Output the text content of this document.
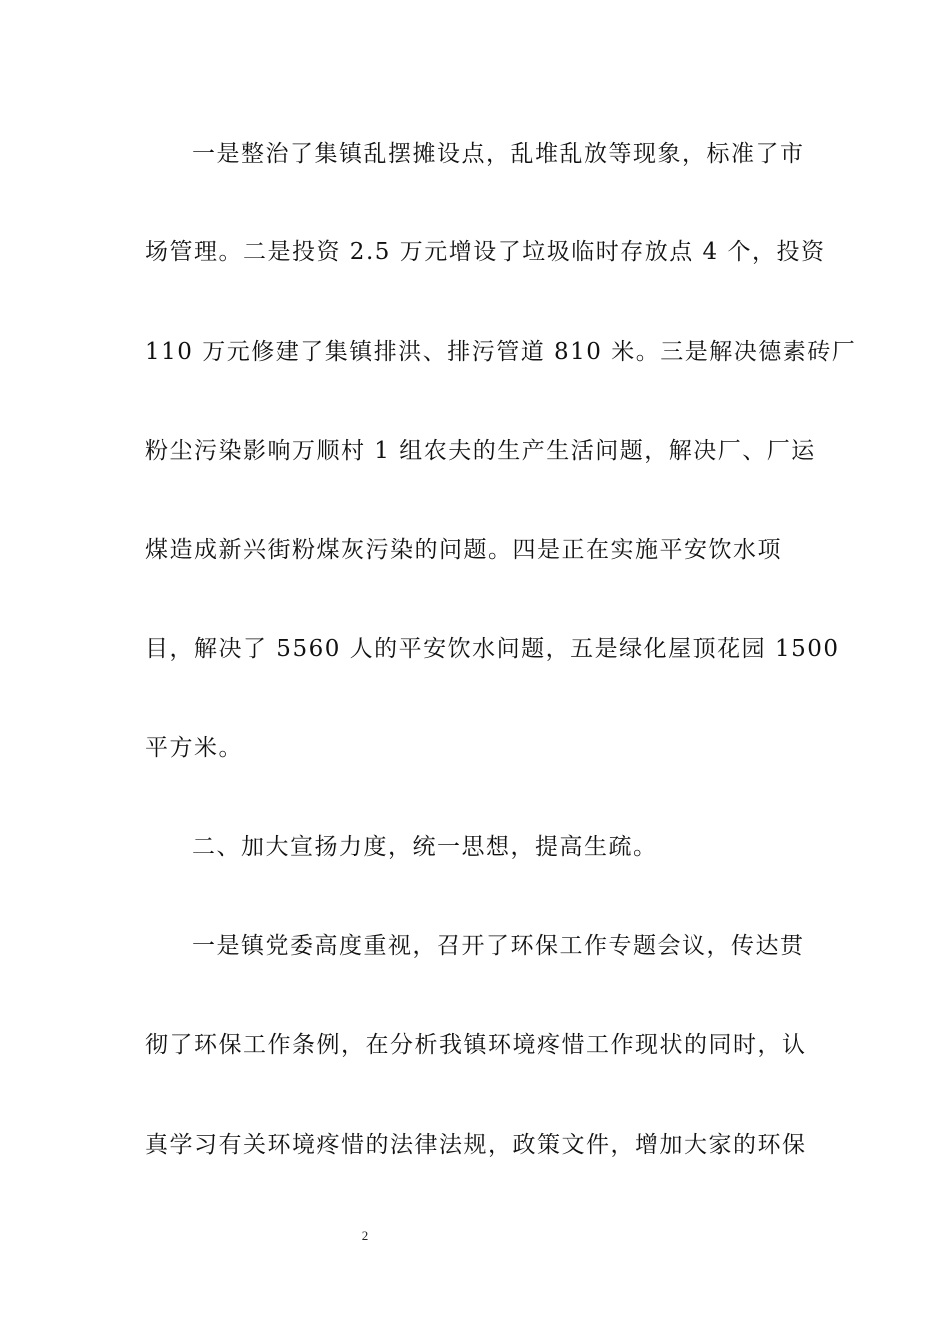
一是整治了集镇乱摆摊设点，乱堆乱放等现象，标准了市
场管理。二是投资 2.5 万元增设了垃圾临时存放点 4 个，投资
110 万元修建了集镇排洪、排污管道 810 米。三是解决德素砖厂
粉尘污染影响万顺村 1 组农夫的生产生活问题，解决厂、厂运
煤造成新兴街粉煤灰污染的问题。四是正在实施平安饮水项
目，解决了 5560 人的平安饮水问题，五是绿化屋顶花园 1500
平方米。
二、加大宣扬力度，统一思想，提高生疏。
一是镇党委高度重视，召开了环保工作专题会议，传达贯
彻了环保工作条例，在分析我镇环境疼惜工作现状的同时，认
真学习有关环境疼惜的法律法规，政策文件，增加大家的环保
2
